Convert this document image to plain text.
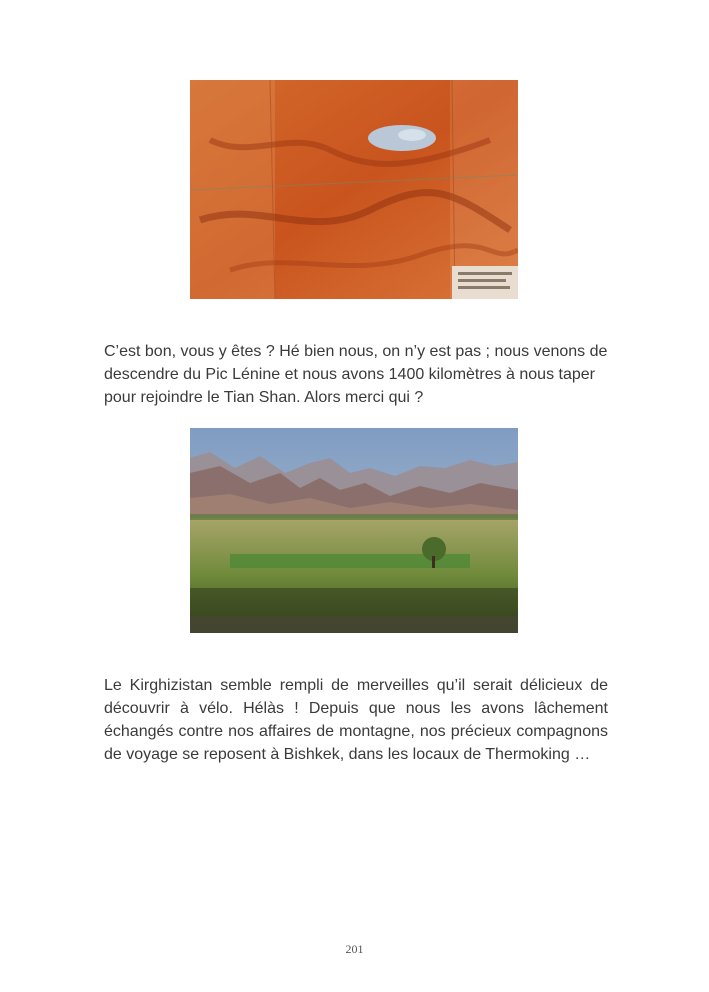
C’est bon, vous y êtes ? Hé bien nous, on n’y est pas ; nous venons de descendre du Pic Lénine et nous avons 1400 kilomètres à nous taper pour rejoindre le Tian Shan. Alors merci qui ?

Le Kirghizistan semble rempli de merveilles qu’il serait délicieux de découvrir à vélo. Hélàs ! Depuis que nous les avons lâchement échangés contre nos affaires de montagne, nos précieux compagnons de voyage se reposent à Bishkek, dans les locaux de Thermoking …

201
